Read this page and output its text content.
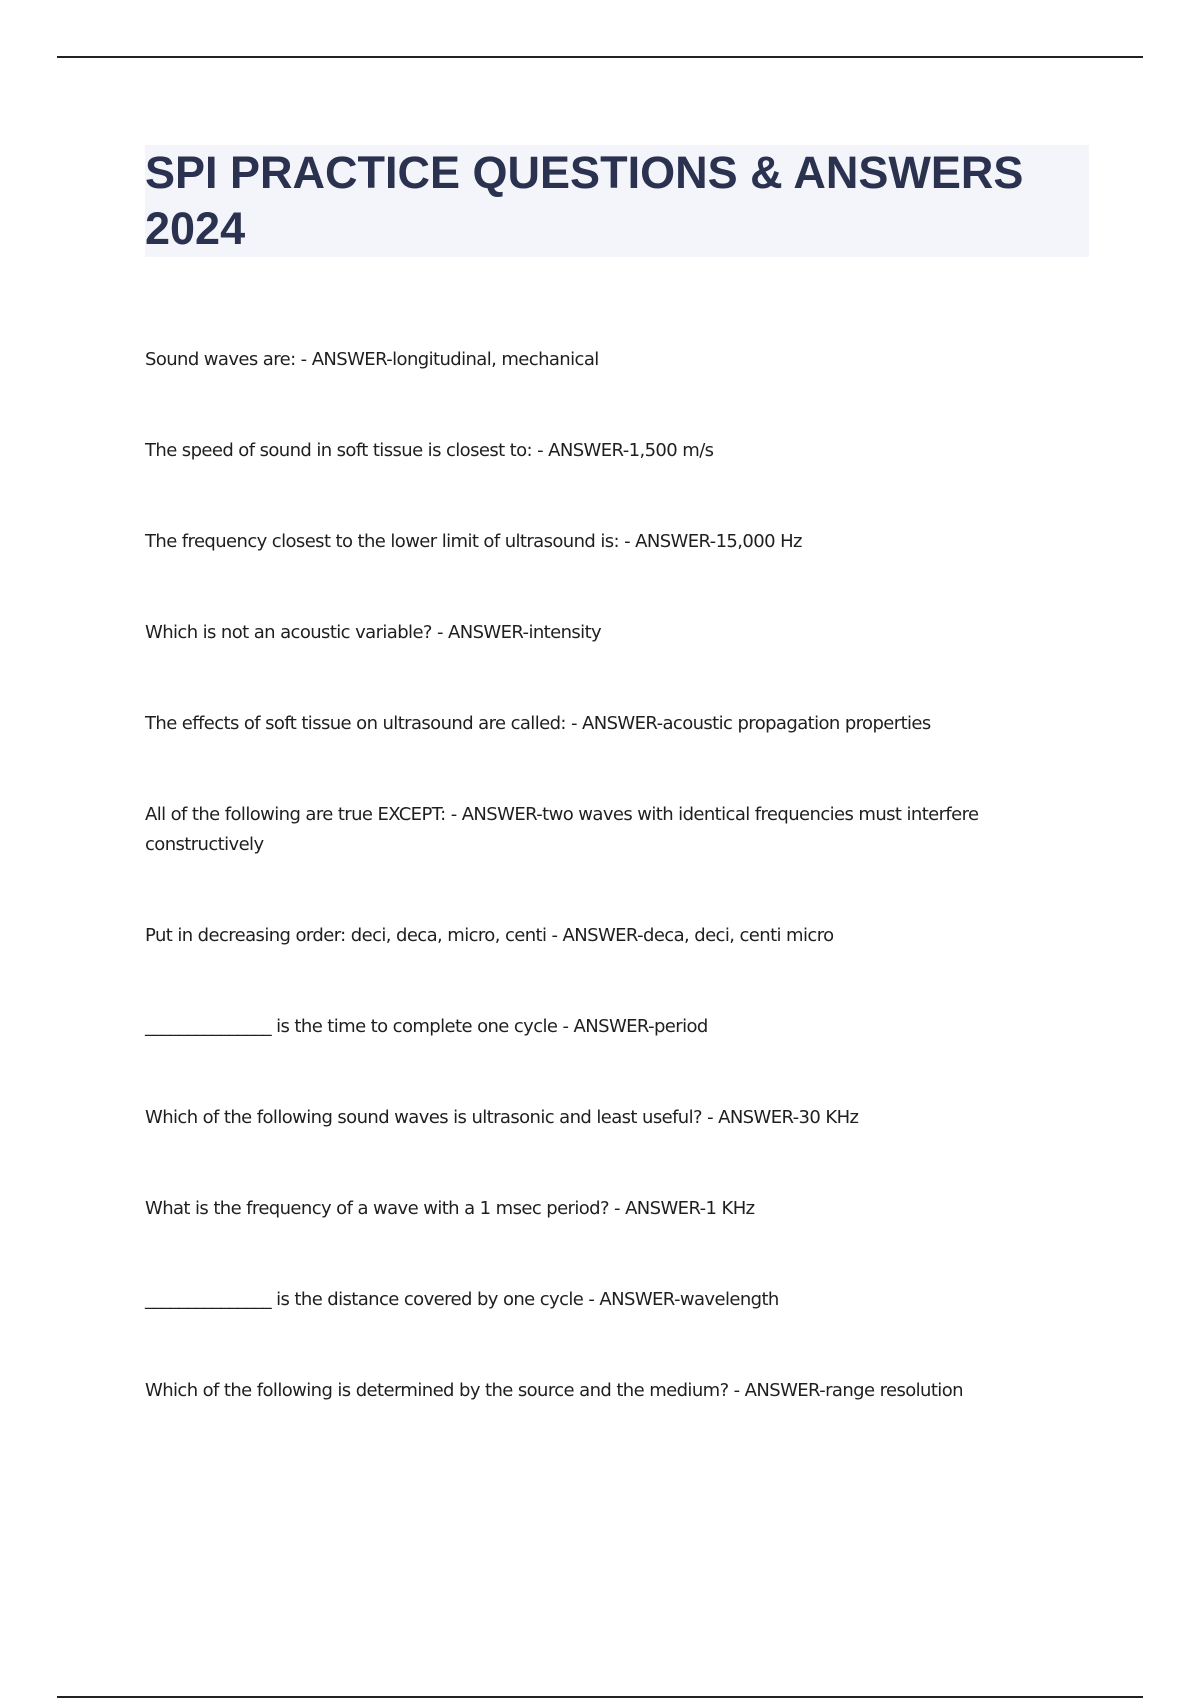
SPI PRACTICE QUESTIONS & ANSWERS 2024
Sound waves are: - ANSWER-longitudinal, mechanical
The speed of sound in soft tissue is closest to: - ANSWER-1,500 m/s
The frequency closest to the lower limit of ultrasound is: - ANSWER-15,000 Hz
Which is not an acoustic variable? - ANSWER-intensity
The effects of soft tissue on ultrasound are called: - ANSWER-acoustic propagation properties
All of the following are true EXCEPT: - ANSWER-two waves with identical frequencies must interfere constructively
Put in decreasing order: deci, deca, micro, centi - ANSWER-deca, deci, centi micro
_______________ is the time to complete one cycle - ANSWER-period
Which of the following sound waves is ultrasonic and least useful? - ANSWER-30 KHz
What is the frequency of a wave with a 1 msec period? - ANSWER-1 KHz
_______________ is the distance covered by one cycle - ANSWER-wavelength
Which of the following is determined by the source and the medium? - ANSWER-range resolution
